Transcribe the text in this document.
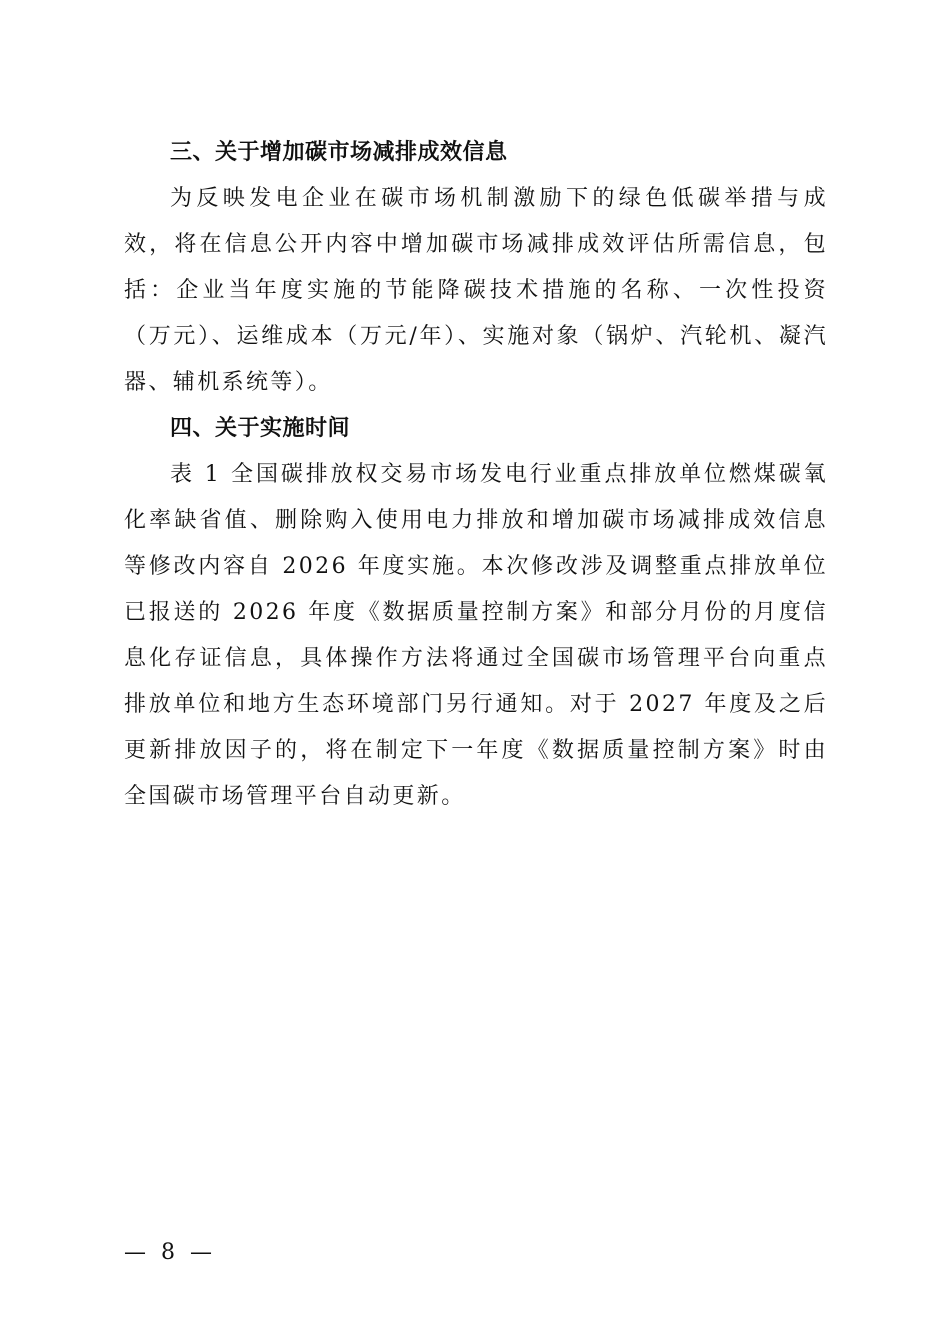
三、关于增加碳市场减排成效信息
为反映发电企业在碳市场机制激励下的绿色低碳举措与成效，将在信息公开内容中增加碳市场减排成效评估所需信息，包括：企业当年度实施的节能降碳技术措施的名称、一次性投资（万元）、运维成本（万元/年）、实施对象（锅炉、汽轮机、凝汽器、辅机系统等）。
四、关于实施时间
表 1 全国碳排放权交易市场发电行业重点排放单位燃煤碳氧化率缺省值、删除购入使用电力排放和增加碳市场减排成效信息等修改内容自 2026 年度实施。本次修改涉及调整重点排放单位已报送的 2026 年度《数据质量控制方案》和部分月份的月度信息化存证信息，具体操作方法将通过全国碳市场管理平台向重点排放单位和地方生态环境部门另行通知。对于 2027 年度及之后更新排放因子的，将在制定下一年度《数据质量控制方案》时由全国碳市场管理平台自动更新。
— 8 —
